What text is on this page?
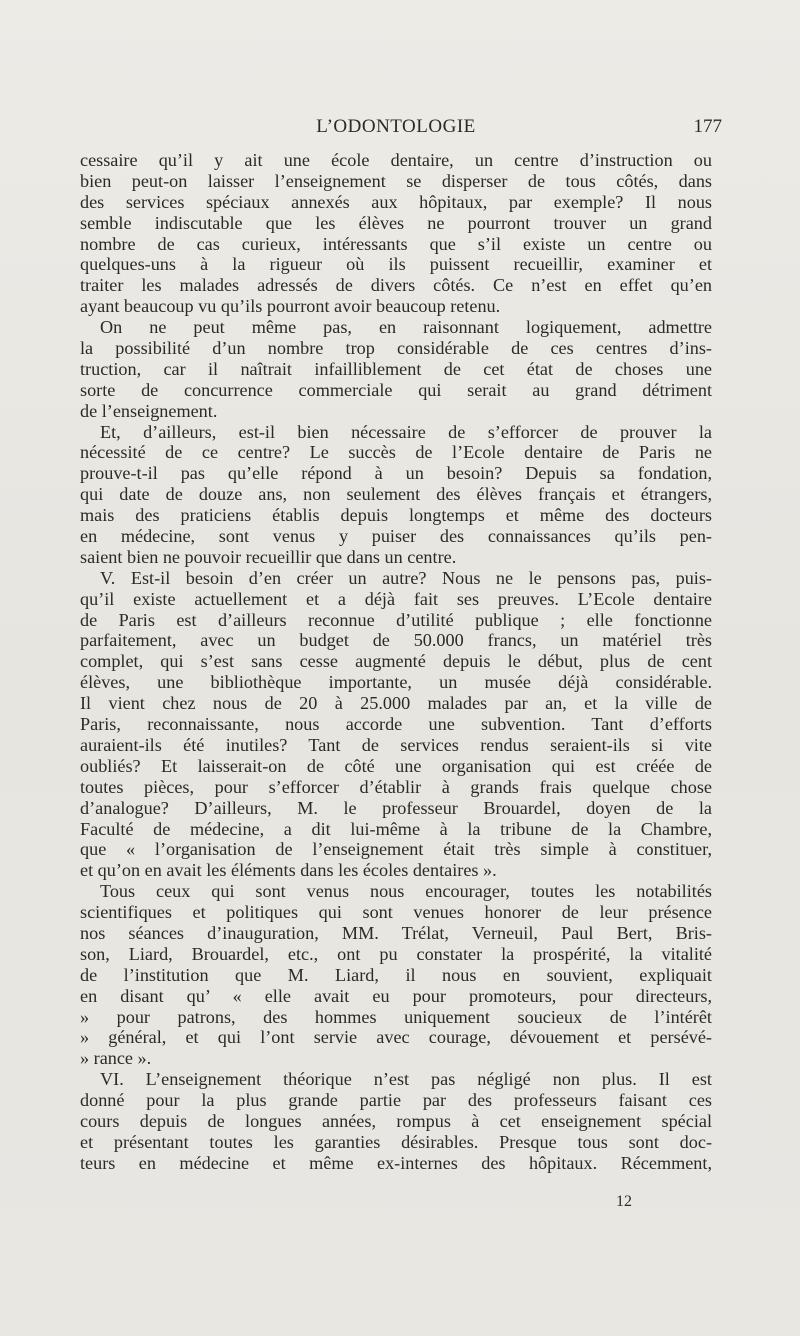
L’ODONTOLOGIE	177
cessaire qu’il y ait une école dentaire, un centre d’instruction ou
bien peut-on laisser l’enseignement se disperser de tous côtés, dans
des services spéciaux annexés aux hôpitaux, par exemple? Il nous
semble indiscutable que les élèves ne pourront trouver un grand
nombre de cas curieux, intéressants que s’il existe un centre ou
quelques-uns à la rigueur où ils puissent recueillir, examiner et
traiter les malades adressés de divers côtés. Ce n’est en effet qu’en
ayant beaucoup vu qu’ils pourront avoir beaucoup retenu.
On ne peut même pas, en raisonnant logiquement, admettre
la possibilité d’un nombre trop considérable de ces centres d’ins-
truction, car il naîtrait infailliblement de cet état de choses une
sorte de concurrence commerciale qui serait au grand détriment
de l’enseignement.
Et, d’ailleurs, est-il bien nécessaire de s’efforcer de prouver la
nécessité de ce centre? Le succès de l’Ecole dentaire de Paris ne
prouve-t-il pas qu’elle répond à un besoin? Depuis sa fondation,
qui date de douze ans, non seulement des élèves français et étrangers,
mais des praticiens établis depuis longtemps et même des docteurs
en médecine, sont venus y puiser des connaissances qu’ils pen-
saient bien ne pouvoir recueillir que dans un centre.
V. Est-il besoin d’en créer un autre? Nous ne le pensons pas, puis-
qu’il existe actuellement et a déjà fait ses preuves. L’Ecole dentaire
de Paris est d’ailleurs reconnue d’utilité publique ; elle fonctionne
parfaitement, avec un budget de 50.000 francs, un matériel très
complet, qui s’est sans cesse augmenté depuis le début, plus de cent
élèves, une bibliothèque importante, un musée déjà considérable.
Il vient chez nous de 20 à 25.000 malades par an, et la ville de
Paris, reconnaissante, nous accorde une subvention. Tant d’efforts
auraient-ils été inutiles? Tant de services rendus seraient-ils si vite
oubliés? Et laisserait-on de côté une organisation qui est créée de
toutes pièces, pour s’efforcer d’établir à grands frais quelque chose
d’analogue? D’ailleurs, M. le professeur Brouardel, doyen de la
Faculté de médecine, a dit lui-même à la tribune de la Chambre,
que « l’organisation de l’enseignement était très simple à constituer,
et qu’on en avait les éléments dans les écoles dentaires ».
Tous ceux qui sont venus nous encourager, toutes les notabilités
scientifiques et politiques qui sont venues honorer de leur présence
nos séances d’inauguration, MM. Trélat, Verneuil, Paul Bert, Bris-
son, Liard, Brouardel, etc., ont pu constater la prospérité, la vitalité
de l’institution que M. Liard, il nous en souvient, expliquait
en disant qu’ « elle avait eu pour promoteurs, pour directeurs,
» pour patrons, des hommes uniquement soucieux de l’intérêt
» général, et qui l’ont servie avec courage, dévouement et persévé-
» rance ».
VI. L’enseignement théorique n’est pas négligé non plus. Il est
donné pour la plus grande partie par des professeurs faisant ces
cours depuis de longues années, rompus à cet enseignement spécial
et présentant toutes les garanties désirables. Presque tous sont doc-
teurs en médecine et même ex-internes des hôpitaux. Récemment,
12
